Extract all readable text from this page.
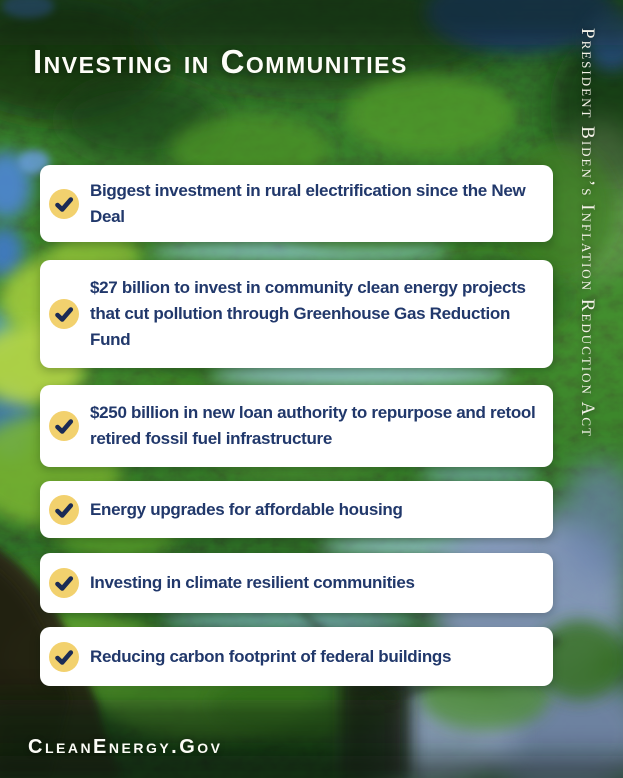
Investing in Communities	President Biden’s Inflation Reduction Act

Biggest investment in rural electrification since the New Deal

$27 billion to invest in community clean energy projects that cut pollution through Greenhouse Gas Reduction Fund

$250 billion in new loan authority to repurpose and retool retired fossil fuel infrastructure

Energy upgrades for affordable housing

Investing in climate resilient communities

Reducing carbon footprint of federal buildings

CleanEnergy.Gov
